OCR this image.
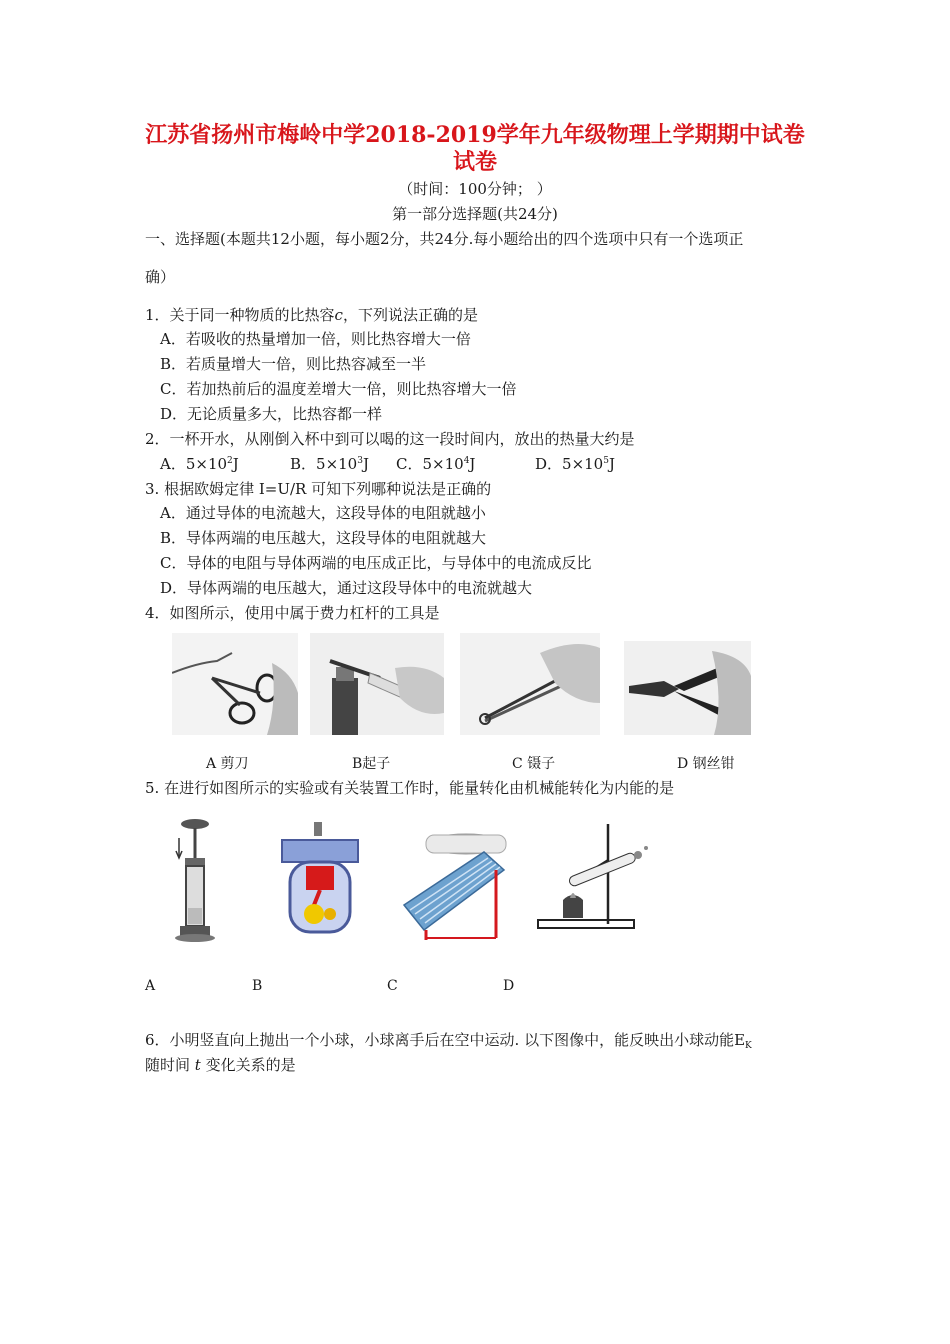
江苏省扬州市梅岭中学2018-2019学年九年级物理上学期期中试卷
试卷
（时间：100分钟； ）
第一部分选择题(共24分)
一、选择题(本题共12小题，每小题2分，共24分.每小题给出的四个选项中只有一个选项正
确）
1．关于同一种物质的比热容c，下列说法正确的是
A．若吸收的热量增加一倍，则比热容增大一倍
B．若质量增大一倍，则比热容减至一半
C．若加热前后的温度差增大一倍，则比热容增大一倍
D．无论质量多大，比热容都一样
2．一杯开水，从刚倒入杯中到可以喝的这一段时间内，放出的热量大约是
A．$5\times 10^2J$	B．$5\times 10^3J$ C．$5\times 10^4J$	D．$5\times 10^5J$
3. 根据欧姆定律 I=U/R 可知下列哪种说法是正确的
A．通过导体的电流越大，这段导体的电阻就越小
B．导体两端的电压越大，这段导体的电阻就越大
C．导体的电阻与导体两端的电压成正比，与导体中的电流成反比
D．导体两端的电压越大，通过这段导体中的电流就越大
4．如图所示，使用中属于费力杠杆的工具是
A 剪刀	B起子	C 镊子	D 钢丝钳
5. 在进行如图所示的实验或有关装置工作时，能量转化由机械能转化为内能的是
A	B	C	D
6．小明竖直向上抛出一个小球，小球离手后在空中运动. 以下图像中，能反映出小球动能$E_K$
随时间 t 变化关系的是
